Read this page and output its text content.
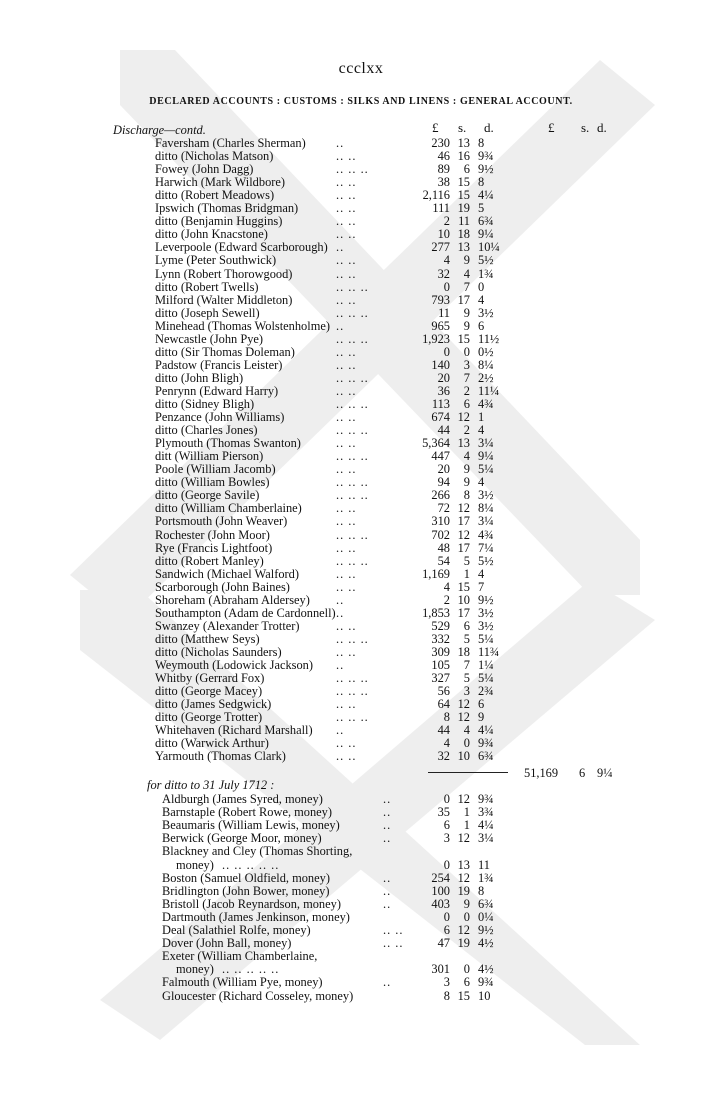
ccclxx
DECLARED ACCOUNTS : CUSTOMS : SILKS AND LINENS : GENERAL ACCOUNT.
£ s. d.	£ s. d.
Discharge—contd.
Faversham (Charles Sherman) ..	230 13 8
ditto (Nicholas Matson)	.. ..	46 16 9¾
Fowey (John Dagg)	.. .. ..	89	6 9½
Harwich (Mark Wildbore)	.. ..	38 15 8
ditto (Robert Meadows)	.. ..	2,116 15 4¼
Ipswich (Thomas Bridgman)	.. ..	111 19 5
ditto (Benjamin Huggins)	.. ..	2 11 6¾
ditto (John Knacstone)	.. ..	10 18 9¼
Leverpoole (Edward Scarborough) ..	277 13 10¼
Lyme (Peter Southwick)	.. ..	4	9 5½
Lynn (Robert Thorowgood)	.. ..	32	4 1¾
ditto (Robert Twells)	.. .. ..	0	7 0
Milford (Walter Middleton)	.. ..	793 17 4
ditto (Joseph Sewell)	.. .. ..	11	9 3½
Minehead (Thomas Wolstenholme) ..	965	9 6
Newcastle (John Pye)	.. .. ..	1,923 15 11½
ditto (Sir Thomas Doleman)	.. ..	0	0 0½
Padstow (Francis Leister)	.. ..	140	3 8¼
ditto (John Bligh)	.. .. ..	20	7 2½
Penrynn (Edward Harry)	.. ..	36	2 11¼
ditto (Sidney Bligh)	.. .. ..	113	6 4¾
Penzance (John Williams)	.. ..	674 12 1
ditto (Charles Jones)	.. .. ..	44	2 4
Plymouth (Thomas Swanton)	.. ..	5,364 13 3¼
ditt (William Pierson)	.. .. ..	447	4 9¼
Poole (William Jacomb)	.. ..	20	9 5¼
ditto (William Bowles)	.. .. ..	94	9 4
ditto (George Savile)	.. .. ..	266	8 3½
ditto (William Chamberlaine)	.. ..	72 12 8¼
Portsmouth (John Weaver)	.. ..	310 17 3¼
Rochester (John Moor)	.. .. ..	702 12 4¾
Rye (Francis Lightfoot)	.. ..	48 17 7¼
ditto (Robert Manley)	.. .. ..	54	5 5½
Sandwich (Michael Walford)	.. ..	1,169	1 4
Scarborough (John Baines)	.. ..	4 15 7
Shoreham (Abraham Aldersey) ..	2 10 9½
Southampton (Adam de Cardonnell) ..	1,853 17 3½
Swanzey (Alexander Trotter)	.. ..	529	6 3½
ditto (Matthew Seys)	.. .. ..	332	5 5¼
ditto (Nicholas Saunders)	.. ..	309 18 11¾
Weymouth (Lodowick Jackson) ..	105	7 1¼
Whitby (Gerrard Fox)	.. .. ..	327	5 5¼
ditto (George Macey)	.. .. ..	56	3 2¾
ditto (James Sedgwick)	.. ..	64 12 6
ditto (George Trotter)	.. .. ..	8 12 9
Whitehaven (Richard Marshall) ..	44	4 4¼
ditto (Warwick Arthur)	.. ..	4	0 9¾
Yarmouth (Thomas Clark)	.. ..	32 10 6¾
51,169 6 9¼
for ditto to 31 July 1712 :
Aldburgh (James Syred, money)	..	0 12 9¾
Barnstaple (Robert Rowe, money)	..	35	1 3¾
Beaumaris (William Lewis, money)	..	6	1 4¼
Berwick (George Moor, money)	..	3 12 3¼
Blackney and Cley (Thomas Shorting,
money) .. .. .. .. ..	0 13 11
Boston (Samuel Oldfield, money)	..	254 12 1¾
Bridlington (John Bower, money)	..	100 19 8
Bristoll (Jacob Reynardson, money)	..	403	9 6¾
Dartmouth (James Jenkinson, money)	0	0 0¼
Deal (Salathiel Rolfe, money)	.. ..	6 12 9½
Dover (John Ball, money)	.. ..	47 19 4½
Exeter (William Chamberlaine,
money) .. .. .. .. ..	301	0 4½
Falmouth (William Pye, money)	..	3	6 9¾
Gloucester (Richard Cosseley, money)	8 15 10
